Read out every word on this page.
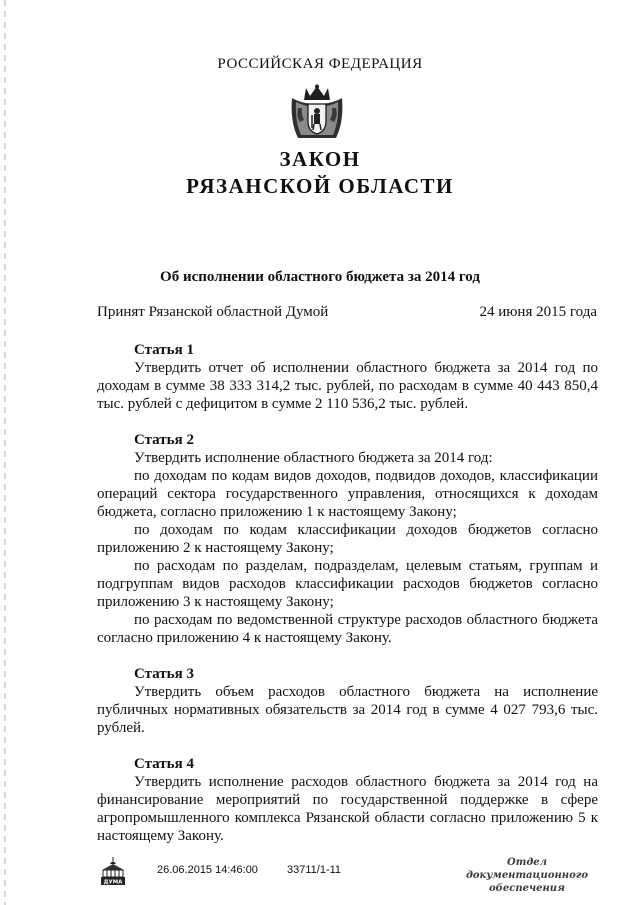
РОССИЙСКАЯ ФЕДЕРАЦИЯ
ЗАКОН
РЯЗАНСКОЙ ОБЛАСТИ
Об исполнении областного бюджета за 2014 год
Принят Рязанской областной Думой	24 июня 2015 года

Статья 1

Утвердить отчет об исполнении областного бюджета за 2014 год по доходам в сумме 38 333 314,2 тыс. рублей, по расходам в сумме 40 443 850,4 тыс. рублей с дефицитом в сумме 2 110 536,2 тыс. рублей.

Статья 2

Утвердить исполнение областного бюджета за 2014 год:

по доходам по кодам видов доходов, подвидов доходов, классификации операций сектора государственного управления, относящихся к доходам бюджета, согласно приложению 1 к настоящему Закону;

по доходам по кодам классификации доходов бюджетов согласно приложению 2 к настоящему Закону;

по расходам по разделам, подразделам, целевым статьям, группам и подгруппам видов расходов классификации расходов бюджетов согласно приложению 3 к настоящему Закону;

по расходам по ведомственной структуре расходов областного бюджета согласно приложению 4 к настоящему Закону.

Статья 3

Утвердить объем расходов областного бюджета на исполнение публичных нормативных обязательств за 2014 год в сумме 4 027 793,6 тыс. рублей.

Статья 4

Утвердить исполнение расходов областного бюджета за 2014 год на финансирование мероприятий по государственной поддержке в сфере агропромышленного комплекса Рязанской области согласно приложению 5 к настоящему Закону.

ДУМА
26.06.2015 14:46:00	33711/1-11
Отдел документационного
обеспечения
